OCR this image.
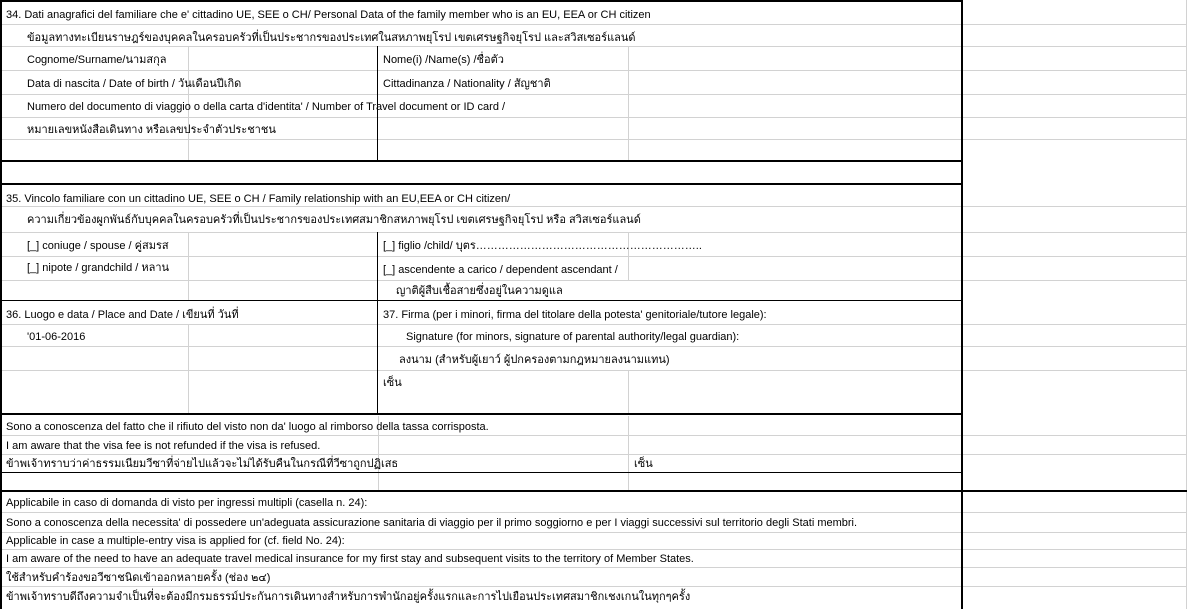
34. Dati anagrafici del familiare che e' cittadino UE, SEE o CH/ Personal Data of the family member who is an EU, EEA or CH citizen
ข้อมูลทางทะเบียนราษฎร์ของบุคคลในครอบครัวที่เป็นประชากรของประเทศในสหภาพยุโรป เขตเศรษฐกิจยุโรป และสวิสเซอร์แลนด์
Cognome/Surname/นามสกุล	Nome(i) /Name(s) /ชื่อตัว
Data di nascita / Date of birth / วันเดือนปีเกิด	Cittadinanza / Nationality / สัญชาติ
Numero del documento di viaggio o della carta d'identita' / Number of Travel document or ID card /
หมายเลขหนังสือเดินทาง หรือเลขประจำตัวประชาชน
35. Vincolo familiare con un cittadino UE, SEE o CH / Family relationship with an EU,EEA or CH citizen/
ความเกี่ยวข้องผูกพันธ์กับบุคคลในครอบครัวที่เป็นประชากรของประเทศสมาชิกสหภาพยุโรป เขตเศรษฐกิจยุโรป หรือ สวิสเซอร์แลนด์
[_] coniuge / spouse / คู่สมรส	[_] figlio /child/ บุตร……………………………………………………..
[_] nipote / grandchild / หลาน	[_] ascendente a carico / dependent ascendant /
ญาติผู้สืบเชื้อสายซึ่งอยู่ในความดูแล
36. Luogo e data / Place and Date / เขียนที่ วันที่	37. Firma (per i minori, firma del titolare della potesta' genitoriale/tutore legale):
'01-06-2016	Signature (for minors, signature of parental authority/legal guardian):
ลงนาม (สำหรับผู้เยาว์ ผู้ปกครองตามกฎหมายลงนามแทน)
เซ็น
Sono a conoscenza del fatto che il rifiuto del visto non da' luogo al rimborso della tassa corrisposta.
I am aware that the visa fee is not refunded if the visa is refused.
ข้าพเจ้าทราบว่าค่าธรรมเนียมวีซาที่จ่ายไปแล้วจะไม่ได้รับคืนในกรณีที่วีซาถูกปฏิเสธ	เซ็น
Applicabile in caso di domanda di visto per ingressi multipli (casella n. 24):
Sono a conoscenza della necessita' di possedere un'adeguata assicurazione sanitaria di viaggio per il primo soggiorno e per I viaggi successivi sul territorio degli Stati membri.
Applicable in case a multiple-entry visa is applied for (cf. field No. 24):
I am aware of the need to have an adequate travel medical insurance for my first stay and subsequent visits to the territory of Member States.
ใช้สำหรับคำร้องขอวีซาชนิดเข้าออกหลายครั้ง (ช่อง ๒๔)
ข้าพเจ้าทราบดีถึงความจำเป็นที่จะต้องมีกรมธรรม์ประกันการเดินทางสำหรับการพำนักอยู่ครั้งแรกและการไปเยือนประเทศสมาชิกเชงเกนในทุกๆครั้ง
